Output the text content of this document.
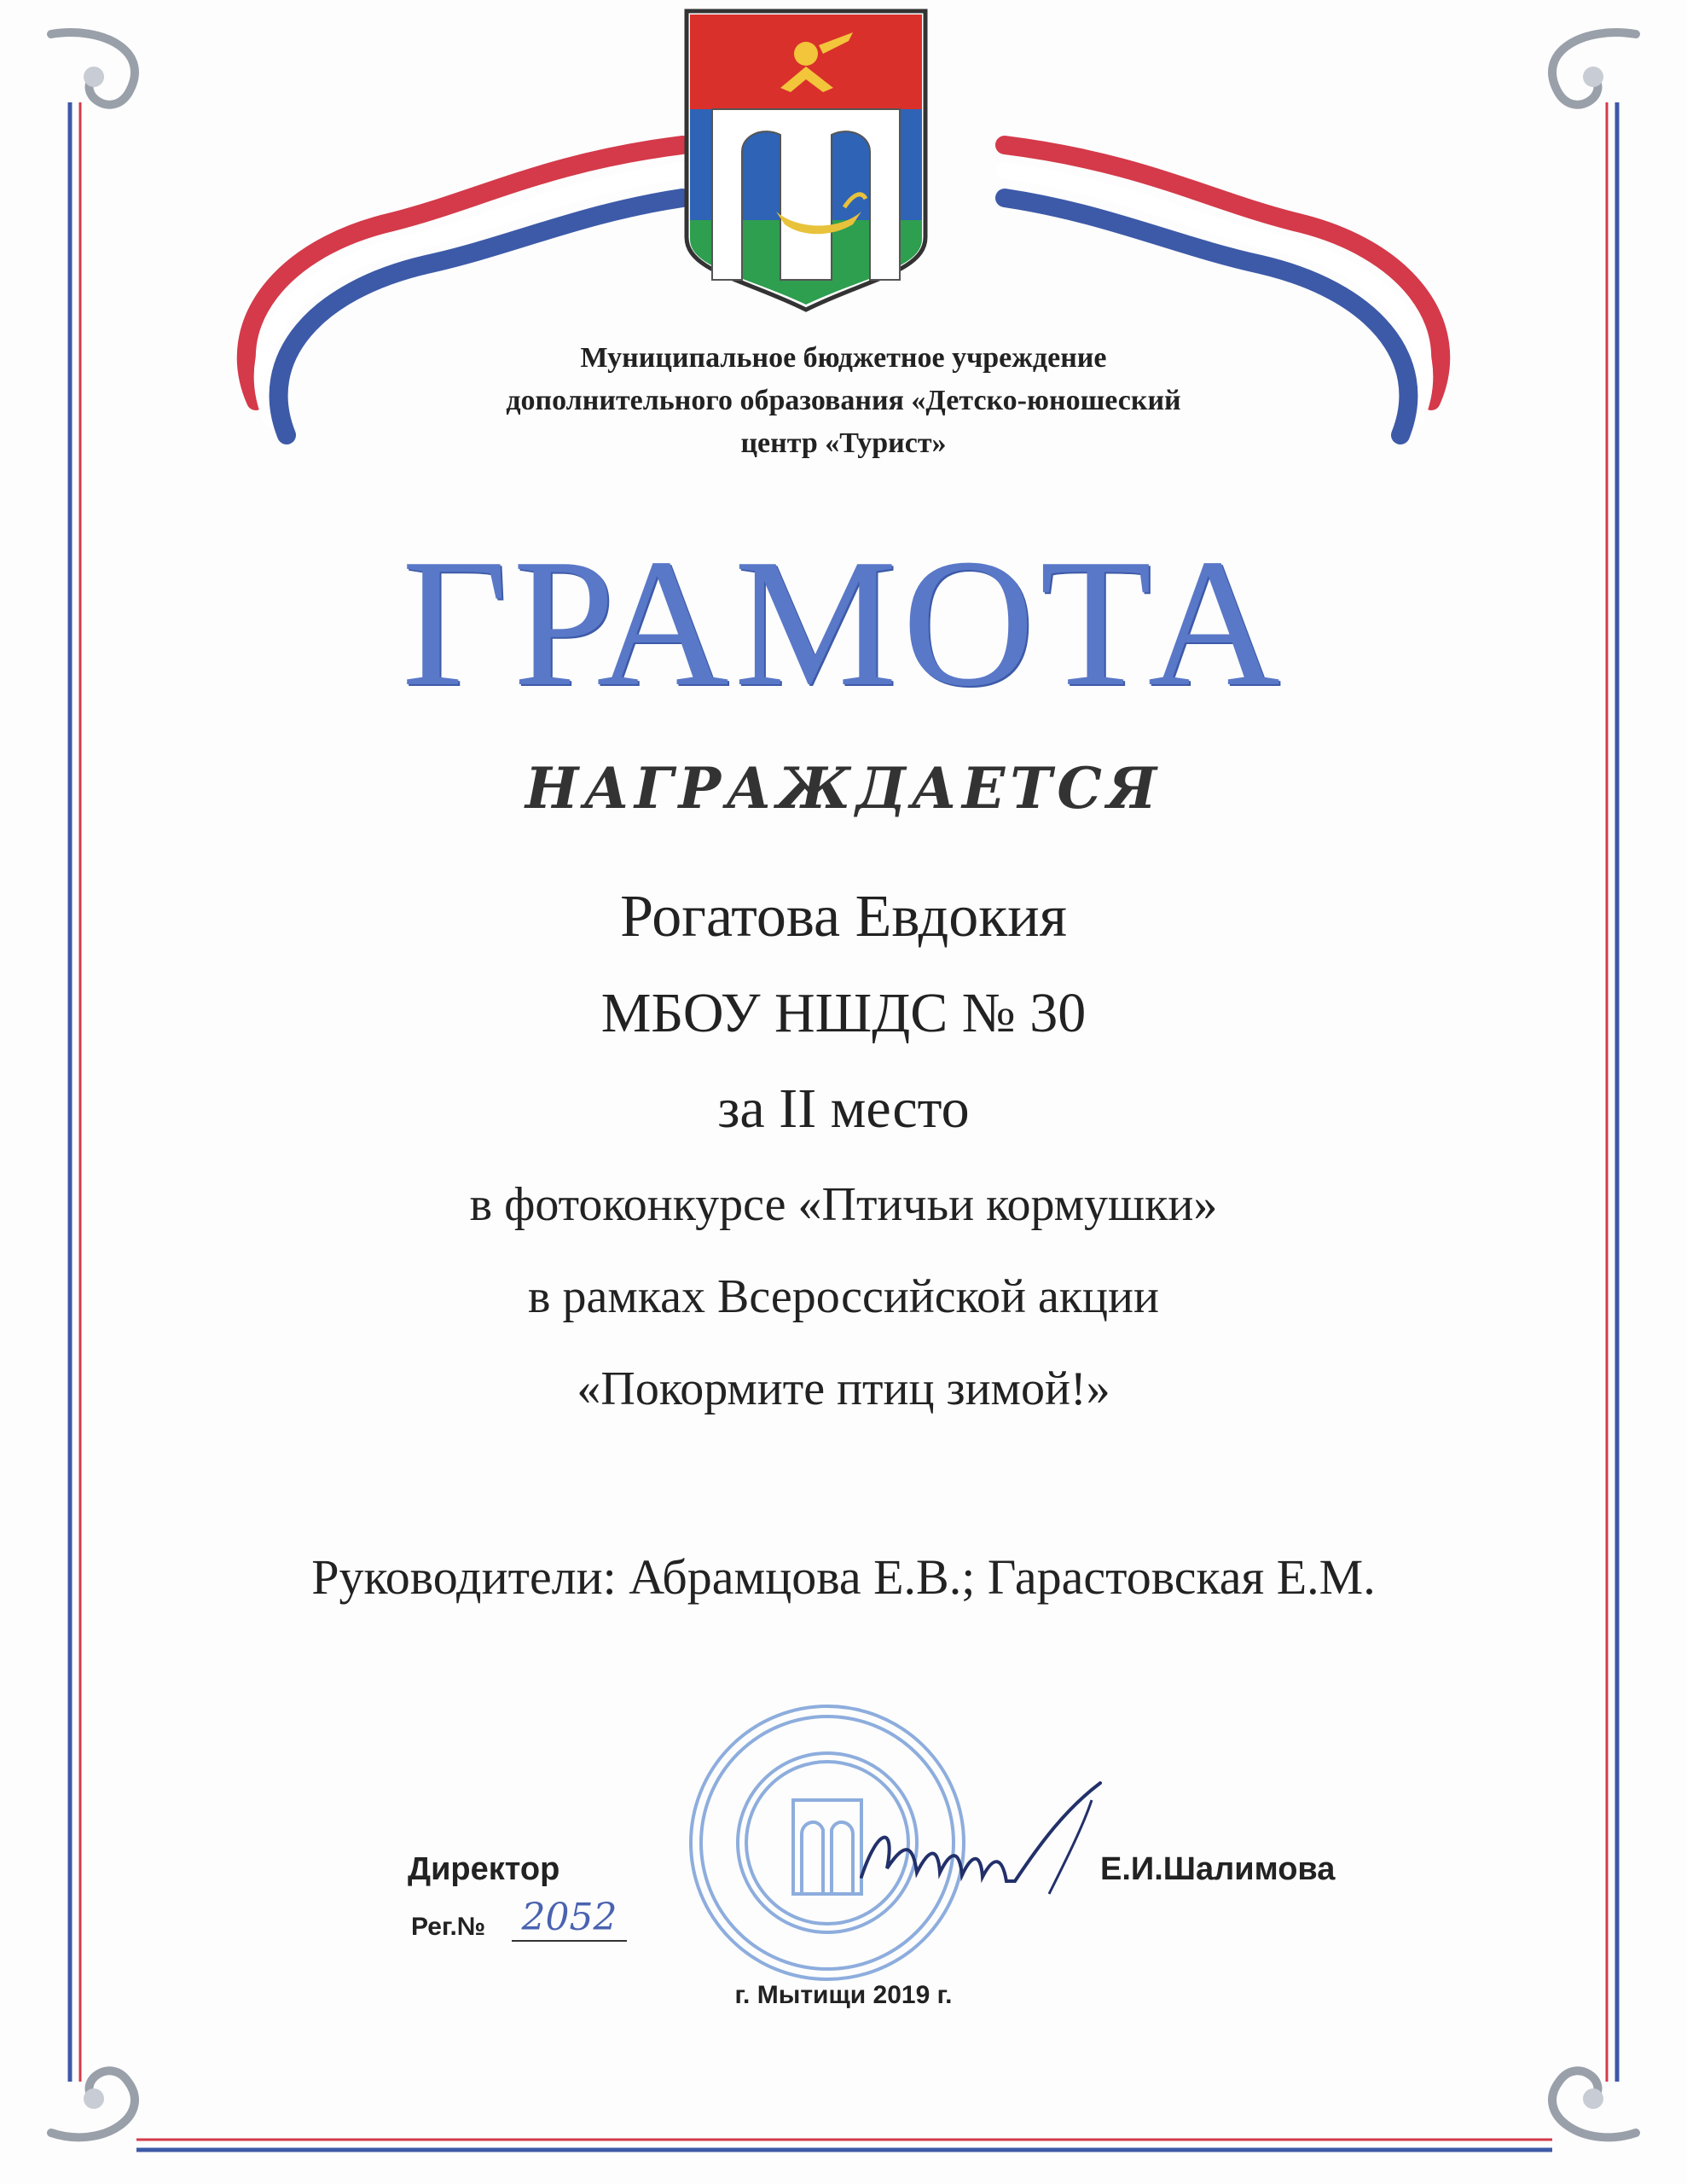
Муниципальное бюджетное учреждение
дополнительного образования «Детско-юношеский
центр «Турист»
ГРАМОТА
НАГРАЖДАЕТСЯ
Рогатова Евдокия
МБОУ НШДС № 30
за II место
в фотоконкурсе «Птичьи кормушки»
в рамках Всероссийской акции
«Покормите птиц зимой!»
Руководители: Абрамцова Е.В.; Гарастовская Е.М.
Директор	Е.И.Шалимова
Рег.№ 2052
г. Мытищи 2019 г.
